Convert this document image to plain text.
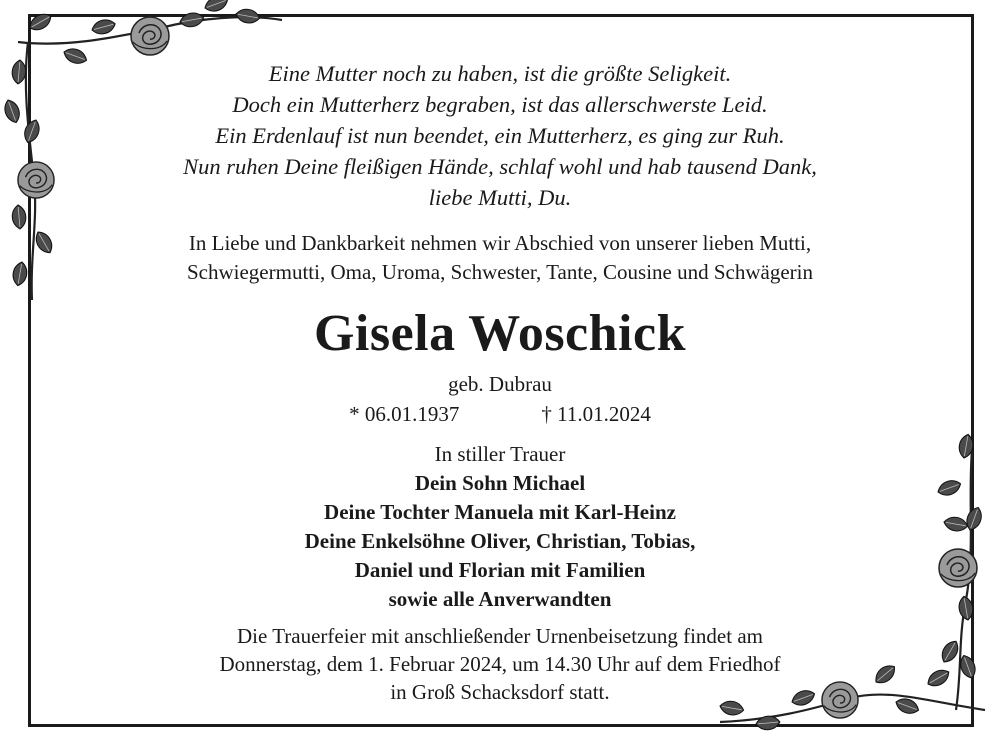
Eine Mutter noch zu haben, ist die größte Seligkeit.
Doch ein Mutterherz begraben, ist das allerschwerste Leid.
Ein Erdenlauf ist nun beendet, ein Mutterherz, es ging zur Ruh.
Nun ruhen Deine fleißigen Hände, schlaf wohl und hab tausend Dank,
liebe Mutti, Du.
In Liebe und Dankbarkeit nehmen wir Abschied von unserer lieben Mutti,
Schwiegermutti, Oma, Uroma, Schwester, Tante, Cousine und Schwägerin
Gisela Woschick
geb. Dubrau
* 06.01.1937	† 11.01.2024
In stiller Trauer
Dein Sohn Michael
Deine Tochter Manuela mit Karl-Heinz
Deine Enkelsöhne Oliver, Christian, Tobias,
Daniel und Florian mit Familien
sowie alle Anverwandten
Die Trauerfeier mit anschließender Urnenbeisetzung findet am
Donnerstag, dem 1. Februar 2024, um 14.30 Uhr auf dem Friedhof
in Groß Schacksdorf statt.
